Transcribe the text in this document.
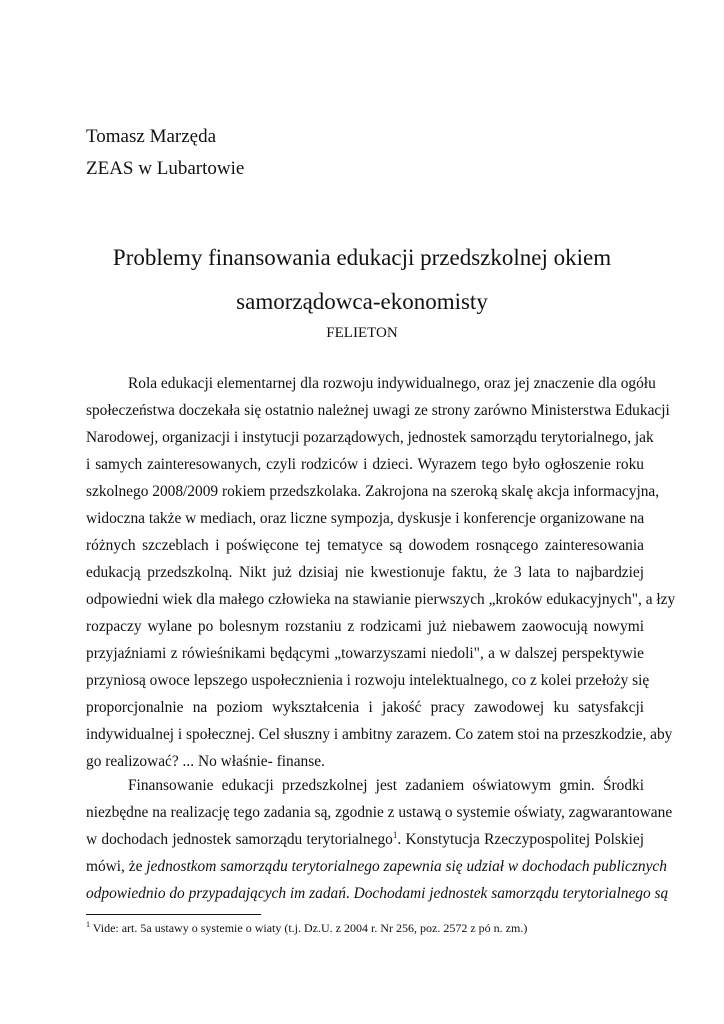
Tomasz Marzęda
ZEAS w Lubartowie
Problemy finansowania edukacji przedszkolnej okiem
samorządowca-ekonomisty
FELIETON
Rola edukacji elementarnej dla rozwoju indywidualnego, oraz jej znaczenie dla ogółu
społeczeństwa doczekała się ostatnio należnej uwagi ze strony zarówno Ministerstwa Edukacji
Narodowej, organizacji i instytucji pozarządowych, jednostek samorządu terytorialnego, jak
i samych zainteresowanych, czyli rodziców i dzieci. Wyrazem tego było ogłoszenie roku
szkolnego 2008/2009 rokiem przedszkolaka. Zakrojona na szeroką skalę akcja informacyjna,
widoczna także w mediach, oraz liczne sympozja, dyskusje i konferencje organizowane na
różnych szczeblach i poświęcone tej tematyce są dowodem rosnącego zainteresowania
edukacją przedszkolną. Nikt już dzisiaj nie kwestionuje faktu, że 3 lata to najbardziej
odpowiedni wiek dla małego człowieka na stawianie pierwszych „kroków edukacyjnych", a łzy
rozpaczy wylane po bolesnym rozstaniu z rodzicami już niebawem zaowocują nowymi
przyjaźniami z rówieśnikami będącymi „towarzyszami niedoli", a w dalszej perspektywie
przyniosą owoce lepszego uspołecznienia i rozwoju intelektualnego, co z kolei przełoży się
proporcjonalnie na poziom wykształcenia i jakość pracy zawodowej ku satysfakcji
indywidualnej i społecznej. Cel słuszny i ambitny zarazem. Co zatem stoi na przeszkodzie, aby
go realizować? ... No właśnie- finanse.
Finansowanie edukacji przedszkolnej jest zadaniem oświatowym gmin. Środki
niezbędne na realizację tego zadania są, zgodnie z ustawą o systemie oświaty, zagwarantowane
w dochodach jednostek samorządu terytorialnego$^1$. Konstytucja Rzeczypospolitej Polskiej
mówi, że jednostkom samorządu terytorialnego zapewnia się udział w dochodach publicznych
odpowiednio do przypadających im zadań. Dochodami jednostek samorządu terytorialnego są
$^1$ Vide: art. 5a ustawy o systemie o wiaty (t.j. Dz.U. z 2004 r. Nr 256, poz. 2572 z pó n. zm.)
